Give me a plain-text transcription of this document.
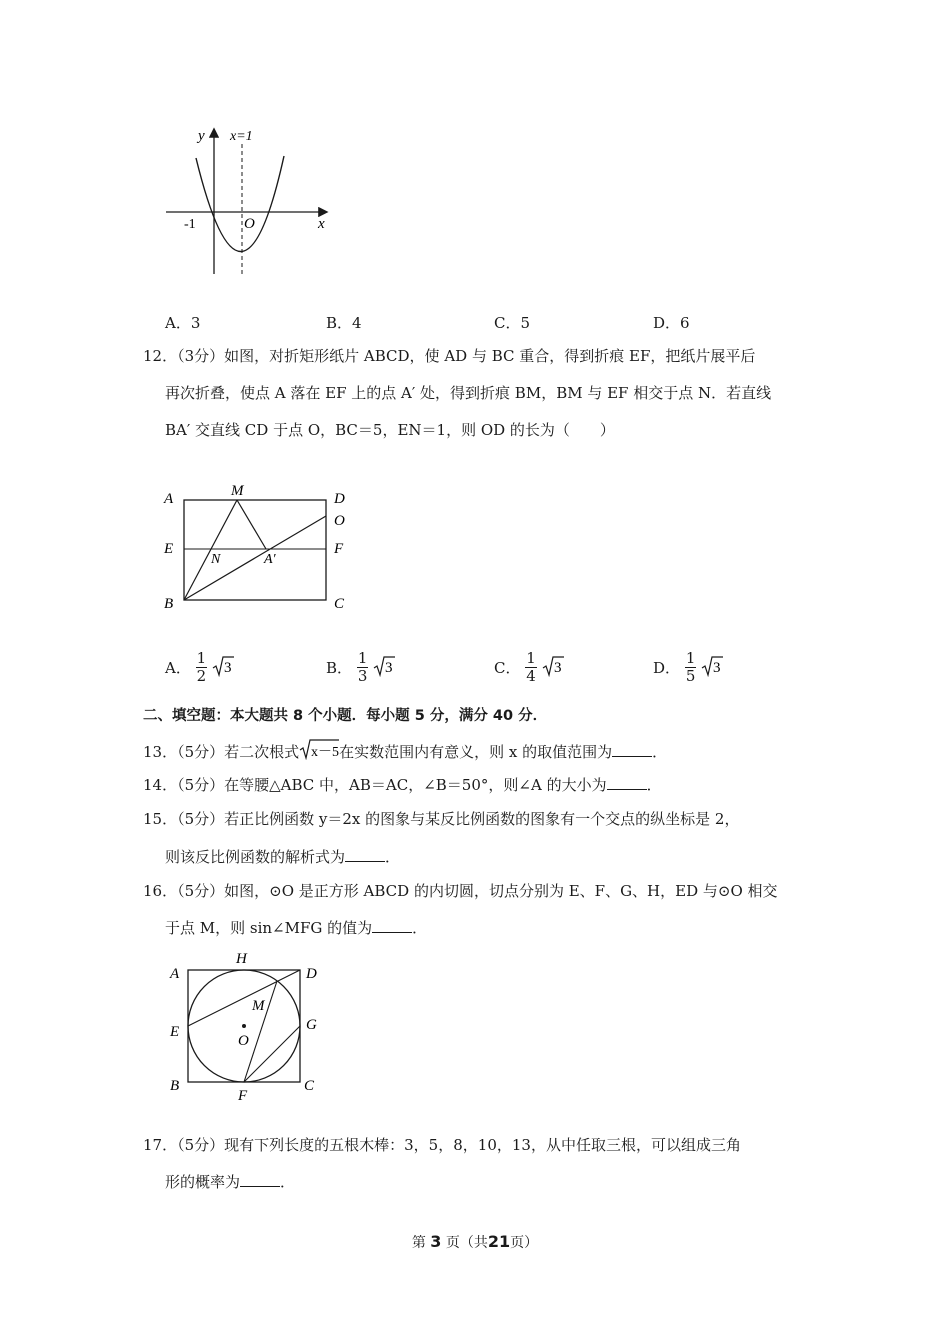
y x=1
x
-1	O
A．3	B．4	C．5	D．6
12．（3分）如图，对折矩形纸片 ABCD，使 AD 与 BC 重合，得到折痕 EF，把纸片展平后
再次折叠，使点 A 落在 EF 上的点 A′ 处，得到折痕 BM，BM 与 EF 相交于点 N．若直线
BA′ 交直线 CD 于点 O，BC＝5，EN＝1，则 OD 的长为（　　）
A	M	D
O
E
N	A′
F
B	C
A． $\frac{1}{2}$
3	B． $\frac{1}{3}$
3	C． $\frac{1}{4}$
3	D． $\frac{1}{5}$
3
二、填空题：本大题共 8 个小题．每小题 5 分，满分 40 分．
13．（5分）若二次根式 x－5 在实数范围内有意义，则 x 的取值范围为	．
14．（5分）在等腰△ABC 中，AB＝AC，∠B＝50°，则∠A 的大小为	．
15．（5分）若正比例函数 y＝2x 的图象与某反比例函数的图象有一个交点的纵坐标是 2，
则该反比例函数的解析式为	．
16．（5分）如图，⊙O 是正方形 ABCD 的内切圆，切点分别为 E、F、G、H，ED 与⊙O 相交
于点 M，则 sin∠MFG 的值为	．
A
H
D
M
E
O
G
B
F
C
17．（5分）现有下列长度的五根木棒：3，5，8，10，13，从中任取三根，可以组成三角
形的概率为	．
第 3 页（共21页）
